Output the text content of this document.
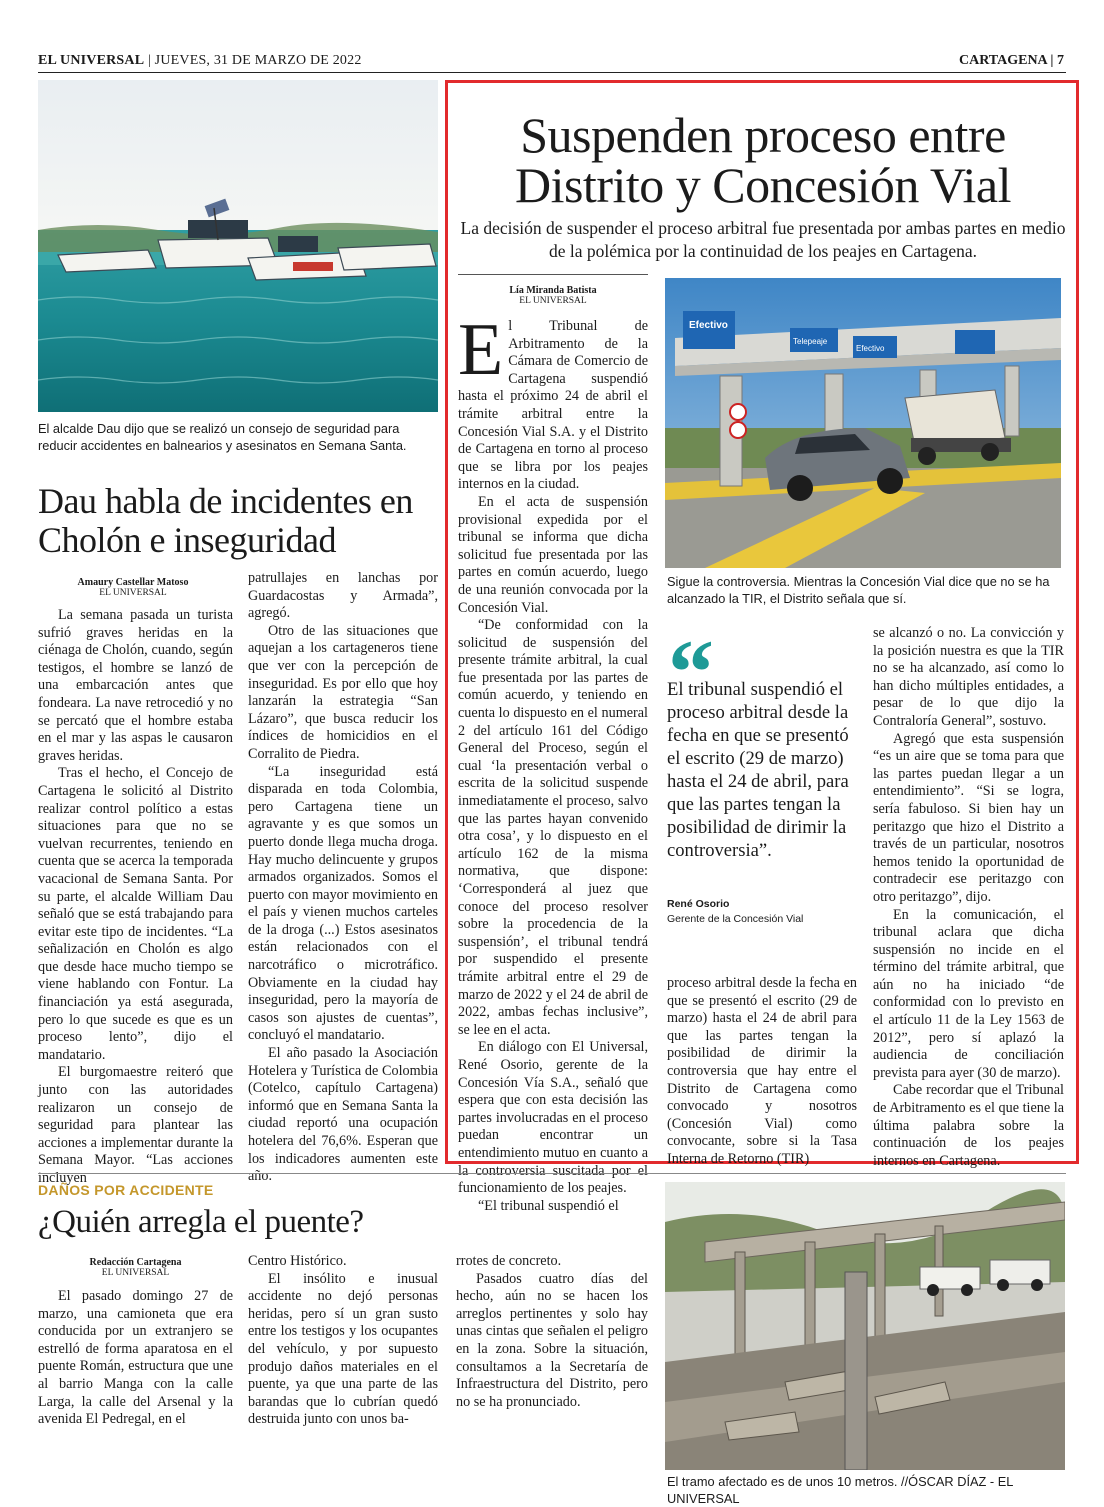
EL UNIVERSAL | JUEVES, 31 DE MARZO DE 2022	CARTAGENA | 7
El alcalde Dau dijo que se realizó un consejo de seguridad para reducir accidentes en balnearios y asesinatos en Semana Santa.
Dau habla de incidentes en Cholón e inseguridad
Amaury Castellar Matoso
EL UNIVERSAL

La semana pasada un turista sufrió graves heridas en la ciénaga de Cholón, cuando, según testigos, el hombre se lanzó de una embarcación antes que fondeara. La nave retrocedió y no se percató que el hombre estaba en el mar y las aspas le causaron graves heridas.

Tras el hecho, el Concejo de Cartagena le solicitó al Distrito realizar control político a estas situaciones para que no se vuelvan recurrentes, teniendo en cuenta que se acerca la temporada vacacional de Semana Santa. Por su parte, el alcalde William Dau señaló que se está trabajando para evitar este tipo de incidentes. “La señalización en Cholón es algo que desde hace mucho tiempo se viene hablando con Fontur. La financiación ya está asegurada, pero lo que sucede es que es un proceso lento”, dijo el mandatario.

El burgomaestre reiteró que junto con las autoridades realizaron un consejo de seguridad para plantear las acciones a implementar durante la Semana Mayor. “Las acciones incluyen

patrullajes en lanchas por Guardacostas y Armada”, agregó.

Otro de las situaciones que aquejan a los cartageneros tiene que ver con la percepción de inseguridad. Es por ello que hoy lanzarán la estrategia “San Lázaro”, que busca reducir los índices de homicidios en el Corralito de Piedra.

“La inseguridad está disparada en toda Colombia, pero Cartagena tiene un agravante y es que somos un puerto donde llega mucha droga. Hay mucho delincuente y grupos armados organizados. Somos el puerto con mayor movimiento en el país y vienen muchos carteles de la droga (...) Estos asesinatos están relacionados con el narcotráfico o microtráfico. Obviamente en la ciudad hay inseguridad, pero la mayoría de casos son ajustes de cuentas”, concluyó el mandatario.

El año pasado la Asociación Hotelera y Turística de Colombia (Cotelco, capítulo Cartagena) informó que en Semana Santa la ciudad reportó una ocupación hotelera del 76,6%. Esperan que los indicadores aumenten este año.

Suspenden proceso entre Distrito y Concesión Vial
La decisión de suspender el proceso arbitral fue presentada por ambas partes en medio de la polémica por la continuidad de los peajes en Cartagena.
Lía Miranda Batista
EL UNIVERSAL

El Tribunal de Arbitramento de la Cámara de Comercio de Cartagena suspendió hasta el próximo 24 de abril el trámite arbitral entre la Concesión Vial S.A. y el Distrito de Cartagena en torno al proceso que se libra por los peajes internos en la ciudad.

En el acta de suspensión provisional expedida por el tribunal se informa que dicha solicitud fue presentada por las partes en común acuerdo, luego de una reunión convocada por la Concesión Vial.

“De conformidad con la solicitud de suspensión del presente trámite arbitral, la cual fue presentada por las partes de común acuerdo, y teniendo en cuenta lo dispuesto en el numeral 2 del artículo 161 del Código General del Proceso, según el cual ‘la presentación verbal o escrita de la solicitud suspende inmediatamente el proceso, salvo que las partes hayan convenido otra cosa’, y lo dispuesto en el artículo 162 de la misma normativa, que dispone: ‘Corresponderá al juez que conoce del proceso resolver sobre la procedencia de la suspensión’, el tribunal tendrá por suspendido el presente trámite arbitral entre el 29 de marzo de 2022 y el 24 de abril de 2022, ambas fechas inclusive”, se lee en el acta.

En diálogo con El Universal, René Osorio, gerente de la Concesión Vía S.A., señaló que espera que con esta decisión las partes involucradas en el proceso puedan encontrar un entendimiento mutuo en cuanto a la controversia suscitada por el funcionamiento de los peajes.

“El tribunal suspendió el

Efectivo
Telepeaje
Efectivo
Sigue la controversia. Mientras la Concesión Vial dice que no se ha alcanzado la TIR, el Distrito señala que sí.
“
El tribunal suspendió el proceso arbitral desde la fecha en que se presentó el escrito (29 de marzo) hasta el 24 de abril, para que las partes tengan la posibilidad de dirimir la controversia”.
René Osorio
Gerente de la Concesión Vial

proceso arbitral desde la fecha en que se presentó el escrito (29 de marzo) hasta el 24 de abril para que las partes tengan la posibilidad de dirimir la controversia que hay entre el Distrito de Cartagena como convocado y nosotros (Concesión Vial) como convocante, sobre si la Tasa Interna de Retorno (TIR)

se alcanzó o no. La convicción y la posición nuestra es que la TIR no se ha alcanzado, así como lo han dicho múltiples entidades, a pesar de lo que dijo la Contraloría General”, sostuvo.

Agregó que esta suspensión “es un aire que se toma para que las partes puedan llegar a un entendimiento”. “Si se logra, sería fabuloso. Si bien hay un peritazgo que hizo el Distrito a través de un particular, nosotros hemos tenido la oportunidad de contradecir ese peritazgo con otro peritazgo”, dijo.

En la comunicación, el tribunal aclara que dicha suspensión no incide en el término del trámite arbitral, que aún no ha iniciado “de conformidad con lo previsto en el artículo 11 de la Ley 1563 de 2012”, pero sí aplazó la audiencia de conciliación prevista para ayer (30 de marzo).

Cabe recordar que el Tribunal de Arbitramento es el que tiene la última palabra sobre la continuación de los peajes internos en Cartagena.

DAÑOS POR ACCIDENTE
¿Quién arregla el puente?
Redacción Cartagena
EL UNIVERSAL

El pasado domingo 27 de marzo, una camioneta que era conducida por un extranjero se estrelló de forma aparatosa en el puente Román, estructura que une al barrio Manga con la calle Larga, la calle del Arsenal y la avenida El Pedregal, en el

Centro Histórico.

El insólito e inusual accidente no dejó personas heridas, pero sí un gran susto entre los testigos y los ocupantes del vehículo, y por supuesto produjo daños materiales en el puente, ya que una parte de las barandas que lo cubrían quedó destruida junto con unos ba-

rrotes de concreto.

Pasados cuatro días del hecho, aún no se hacen los arreglos pertinentes y solo hay unas cintas que señalen el peligro en la zona. Sobre la situación, consultamos a la Secretaría de Infraestructura del Distrito, pero no se ha pronunciado.

El tramo afectado es de unos 10 metros. //ÓSCAR DÍAZ - EL UNIVERSAL
